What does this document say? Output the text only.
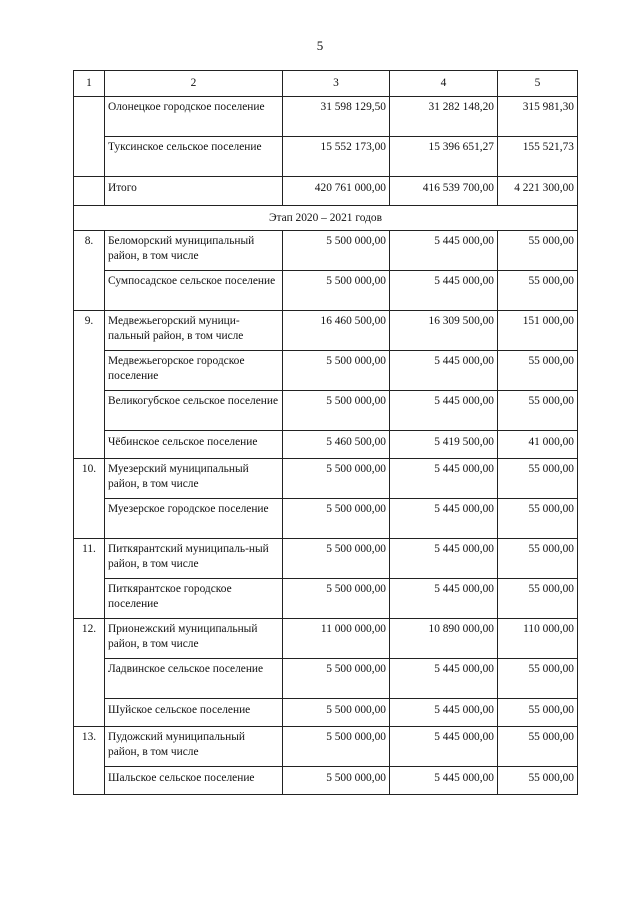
5
1	2	3	4	5
	Олонецкое городское поселение	31 598 129,50	31 282 148,20	315 981,30
	Туксинское сельское поселение	15 552 173,00	15 396 651,27	155 521,73
	Итого	420 761 000,00	416 539 700,00	4 221 300,00
Этап 2020 – 2021 годов				
8.	Беломорский муниципальный район, в том числе	5 500 000,00	5 445 000,00	55 000,00
	Сумпосадское сельское поселение	5 500 000,00	5 445 000,00	55 000,00
9.	Медвежьегорский муници-пальный район, в том числе	16 460 500,00	16 309 500,00	151 000,00
	Медвежьегорское городское поселение	5 500 000,00	5 445 000,00	55 000,00
	Великогубское сельское поселение	5 500 000,00	5 445 000,00	55 000,00
	Чёбинское сельское поселение	5 460 500,00	5 419 500,00	41 000,00
10.	Муезерский муниципальный район, в том числе	5 500 000,00	5 445 000,00	55 000,00
	Муезерское городское поселение	5 500 000,00	5 445 000,00	55 000,00
11.	Питкярантский муниципаль-ный район, в том числе	5 500 000,00	5 445 000,00	55 000,00
	Питкярантское городское поселение	5 500 000,00	5 445 000,00	55 000,00
12.	Прионежский муниципальный район, в том числе	11 000 000,00	10 890 000,00	110 000,00
	Ладвинское сельское поселение	5 500 000,00	5 445 000,00	55 000,00
	Шуйское сельское поселение	5 500 000,00	5 445 000,00	55 000,00
13.	Пудожский муниципальный район, в том числе	5 500 000,00	5 445 000,00	55 000,00
	Шальское сельское поселение	5 500 000,00	5 445 000,00	55 000,00
